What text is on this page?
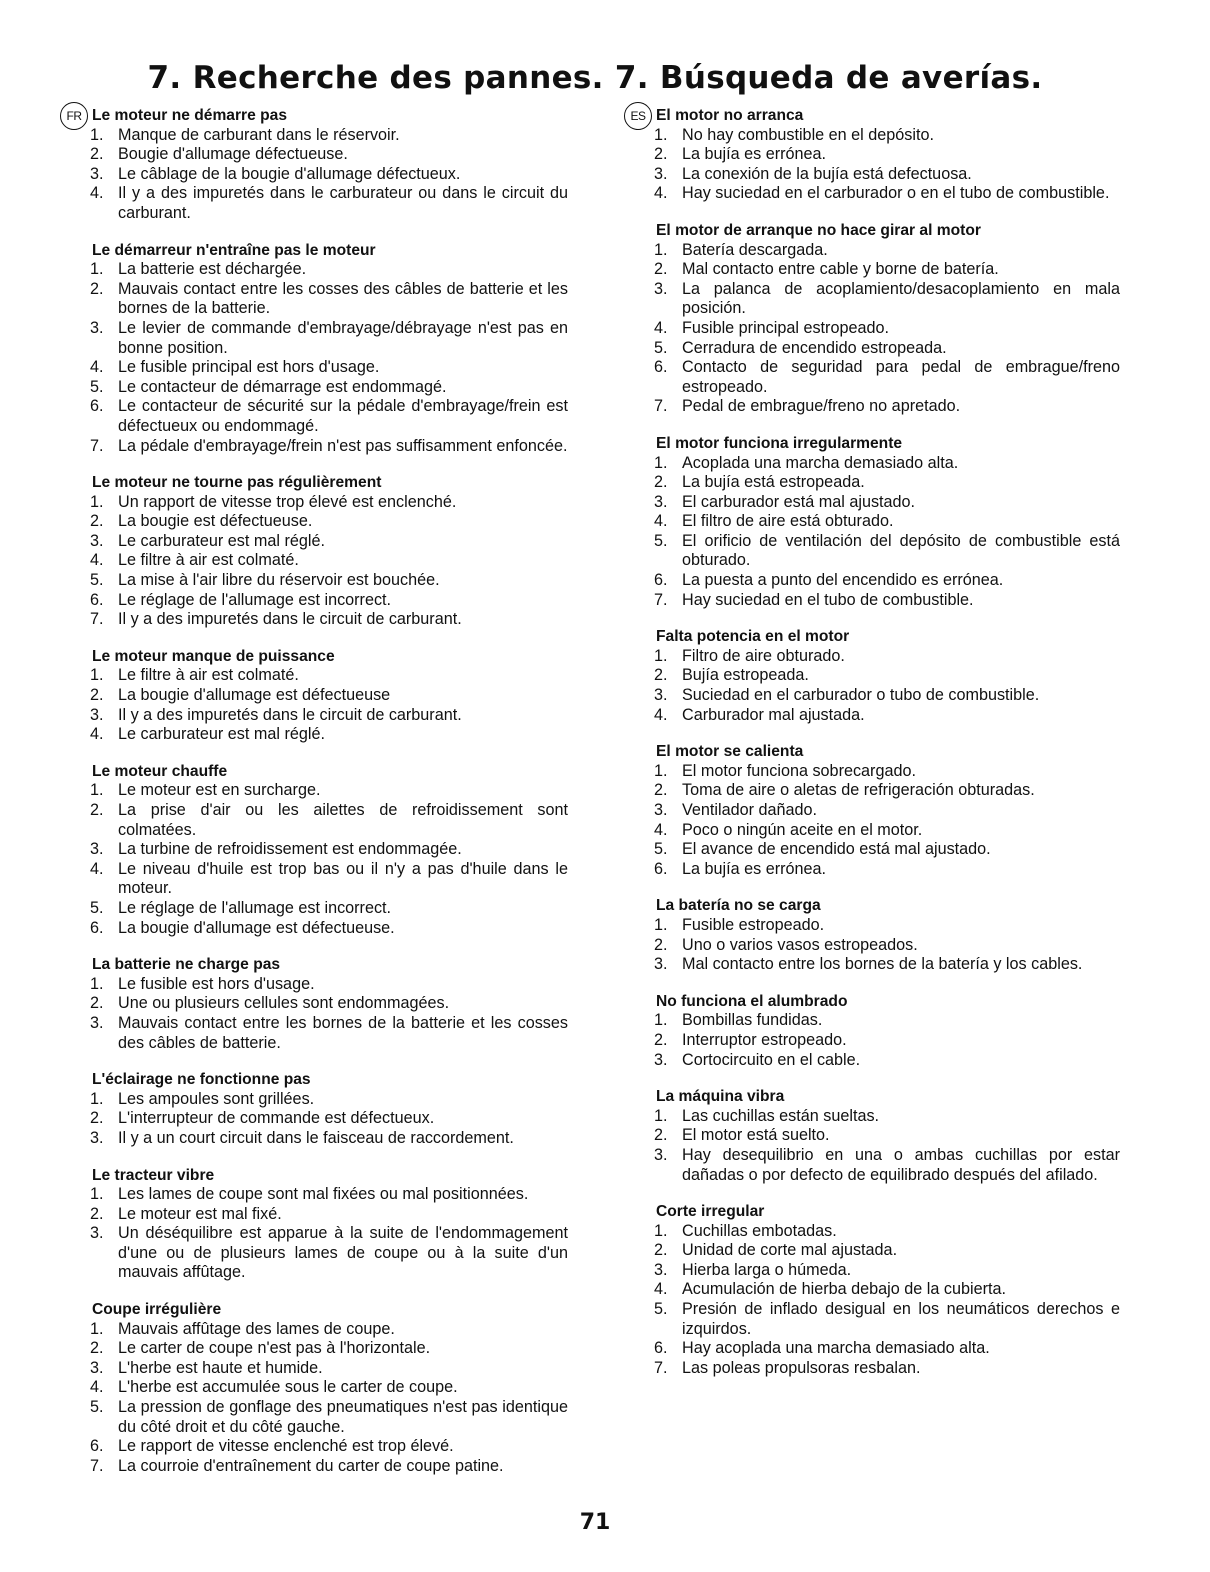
7. Recherche des pannes. 7. Búsqueda de averías.
FR Le moteur ne démarre pas
1. Manque de carburant dans le réservoir.
2. Bougie d'allumage défectueuse.
3. Le câblage de la bougie d'allumage défectueux.
4. Il y a des impuretés dans le carburateur ou dans le circuit du carburant.
Le démarreur n'entraîne pas le moteur
1. La batterie est déchargée.
2. Mauvais contact entre les cosses des câbles de batterie et les bornes de la batterie.
3. Le levier de commande d'embrayage/débrayage n'est pas en bonne position.
4. Le fusible principal est hors d'usage.
5. Le contacteur de démarrage est endommagé.
6. Le contacteur de sécurité sur la pédale d'embrayage/frein est défectueux ou endommagé.
7. La pédale d'embrayage/frein n'est pas suffisamment enfoncée.
Le moteur ne tourne pas régulièrement
1. Un rapport de vitesse trop élevé est enclenché.
2. La bougie est défectueuse.
3. Le carburateur est mal réglé.
4. Le filtre à air est colmaté.
5. La mise à l'air libre du réservoir est bouchée.
6. Le réglage de l'allumage est incorrect.
7. Il y a des impuretés dans le circuit de carburant.
Le moteur manque de puissance
1. Le filtre à air est colmaté.
2. La bougie d'allumage est défectueuse
3. Il y a des impuretés dans le circuit de carburant.
4. Le carburateur est mal réglé.
Le moteur chauffe
1. Le moteur est en surcharge.
2. La prise d'air ou les ailettes de refroidissement sont colmatées.
3. La turbine de refroidissement est endommagée.
4. Le niveau d'huile est trop bas ou il n'y a pas d'huile dans le moteur.
5. Le réglage de l'allumage est incorrect.
6. La bougie d'allumage est défectueuse.
La batterie ne charge pas
1. Le fusible est hors d'usage.
2. Une ou plusieurs cellules sont endommagées.
3. Mauvais contact entre les bornes de la batterie et les cosses des câbles de batterie.
L'éclairage ne fonctionne pas
1. Les ampoules sont grillées.
2. L'interrupteur de commande est défectueux.
3. Il y a un court circuit dans le faisceau de raccordement.
Le tracteur vibre
1. Les lames de coupe sont mal fixées ou mal positionnées.
2. Le moteur est mal fixé.
3. Un déséquilibre est apparue à la suite de l'endommagement d'une ou de plusieurs lames de coupe ou à la suite d'un mauvais affûtage.
Coupe irrégulière
1. Mauvais affûtage des lames de coupe.
2. Le carter de coupe n'est pas à l'horizontale.
3. L'herbe est haute et humide.
4. L'herbe est accumulée sous le carter de coupe.
5. La pression de gonflage des pneumatiques n'est pas identique du côté droit et du côté gauche.
6. Le rapport de vitesse enclenché est trop élevé.
7. La courroie d'entraînement du carter de coupe patine.
ES El motor no arranca
1. No hay combustible en el depósito.
2. La bujía es errónea.
3. La conexión de la bujía está defectuosa.
4. Hay suciedad en el carburador o en el tubo de combustible.
El motor de arranque no hace girar al motor
1. Batería descargada.
2. Mal contacto entre cable y borne de batería.
3. La palanca de acoplamiento/desacoplamiento en mala posición.
4. Fusible principal estropeado.
5. Cerradura de encendido estropeada.
6. Contacto de seguridad para pedal de embrague/freno estropeado.
7. Pedal de embrague/freno no apretado.
El motor funciona irregularmente
1. Acoplada una marcha demasiado alta.
2. La bujía está estropeada.
3. El carburador está mal ajustado.
4. El filtro de aire está obturado.
5. El orificio de ventilación del depósito de combustible está obturado.
6. La puesta a punto del encendido es errónea.
7. Hay suciedad en el tubo de combustible.
Falta potencia en el motor
1. Filtro de aire obturado.
2. Bujía estropeada.
3. Suciedad en el carburador o tubo de combustible.
4. Carburador mal ajustada.
El motor se calienta
1. El motor funciona sobrecargado.
2. Toma de aire o aletas de refrigeración obturadas.
3. Ventilador dañado.
4. Poco o ningún aceite en el motor.
5. El avance de encendido está mal ajustado.
6. La bujía es errónea.
La batería no se carga
1. Fusible estropeado.
2. Uno o varios vasos estropeados.
3. Mal contacto entre los bornes de la batería y los cables.
No funciona el alumbrado
1. Bombillas fundidas.
2. Interruptor estropeado.
3. Cortocircuito en el cable.
La máquina vibra
1. Las cuchillas están sueltas.
2. El motor está suelto.
3. Hay desequilibrio en una o ambas cuchillas por estar dañadas o por defecto de equilibrado después del afilado.
Corte irregular
1. Cuchillas embotadas.
2. Unidad de corte mal ajustada.
3. Hierba larga o húmeda.
4. Acumulación de hierba debajo de la cubierta.
5. Presión de inflado desigual en los neumáticos derechos e izquirdos.
6. Hay acoplada una marcha demasiado alta.
7. Las poleas propulsoras resbalan.
71
